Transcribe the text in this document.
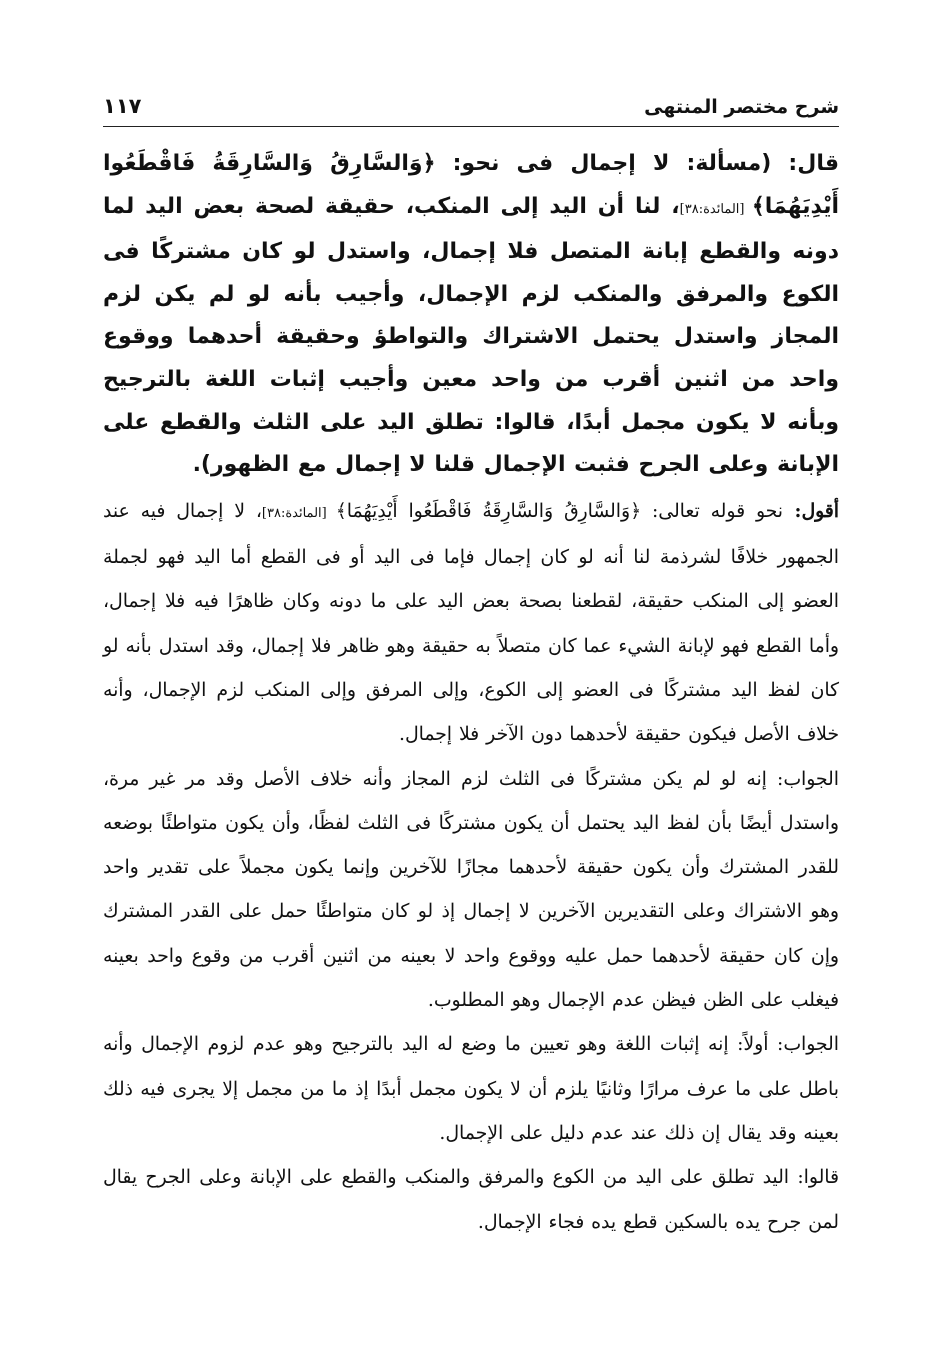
شرح مختصر المنتهى
١١٧

قال: (مسألة: لا إجمال فى نحو: ﴿وَالسَّارِقُ وَالسَّارِقَةُ فَاقْطَعُوا أَيْدِيَهُمَا﴾ [المائدة:٣٨]، لنا أن اليد إلى المنكب، حقيقة لصحة بعض اليد لما دونه والقطع إبانة المتصل فلا إجمال، واستدل لو كان مشتركًا فى الكوع والمرفق والمنكب لزم الإجمال، وأجيب بأنه لو لم يكن لزم المجاز واستدل يحتمل الاشتراك والتواطؤ وحقيقة أحدهما ووقوع واحد من اثنين أقرب من واحد معين وأجيب إثبات اللغة بالترجيح وبأنه لا يكون مجمل أبدًا، قالوا: تطلق اليد على الثلث والقطع على الإبانة وعلى الجرح فثبت الإجمال قلنا لا إجمال مع الظهور).

أقول: نحو قوله تعالى: ﴿وَالسَّارِقُ وَالسَّارِقَةُ فَاقْطَعُوا أَيْدِيَهُمَا﴾ [المائدة:٣٨]، لا إجمال فيه عند الجمهور خلافًا لشرذمة لنا أنه لو كان إجمال فإما فى اليد أو فى القطع أما اليد فهو لجملة العضو إلى المنكب حقيقة، لقطعنا بصحة بعض اليد على ما دونه وكان ظاهرًا فيه فلا إجمال، وأما القطع فهو لإبانة الشيء عما كان متصلاً به حقيقة وهو ظاهر فلا إجمال، وقد استدل بأنه لو كان لفظ اليد مشتركًا فى العضو إلى الكوع، وإلى المرفق وإلى المنكب لزم الإجمال، وأنه خلاف الأصل فيكون حقيقة لأحدهما دون الآخر فلا إجمال.

الجواب: إنه لو لم يكن مشتركًا فى الثلث لزم المجاز وأنه خلاف الأصل وقد مر غير مرة، واستدل أيضًا بأن لفظ اليد يحتمل أن يكون مشتركًا فى الثلث لفظًا، وأن يكون متواطئًا بوضعه للقدر المشترك وأن يكون حقيقة لأحدهما مجازًا للآخرين وإنما يكون مجملاً على تقدير واحد وهو الاشتراك وعلى التقديرين الآخرين لا إجمال إذ لو كان متواطئًا حمل على القدر المشترك وإن كان حقيقة لأحدهما حمل عليه ووقوع واحد لا بعينه من اثنين أقرب من وقوع واحد بعينه فيغلب على الظن فيظن عدم الإجمال وهو المطلوب.

الجواب: أولاً: إنه إثبات اللغة وهو تعيين ما وضع له اليد بالترجيح وهو عدم لزوم الإجمال وأنه باطل على ما عرف مرارًا وثانيًا يلزم أن لا يكون مجمل أبدًا إذ ما من مجمل إلا يجرى فيه ذلك بعينه وقد يقال إن ذلك عند عدم دليل على الإجمال.

قالوا: اليد تطلق على اليد من الكوع والمرفق والمنكب والقطع على الإبانة وعلى الجرح يقال لمن جرح يده بالسكين قطع يده فجاء الإجمال.
